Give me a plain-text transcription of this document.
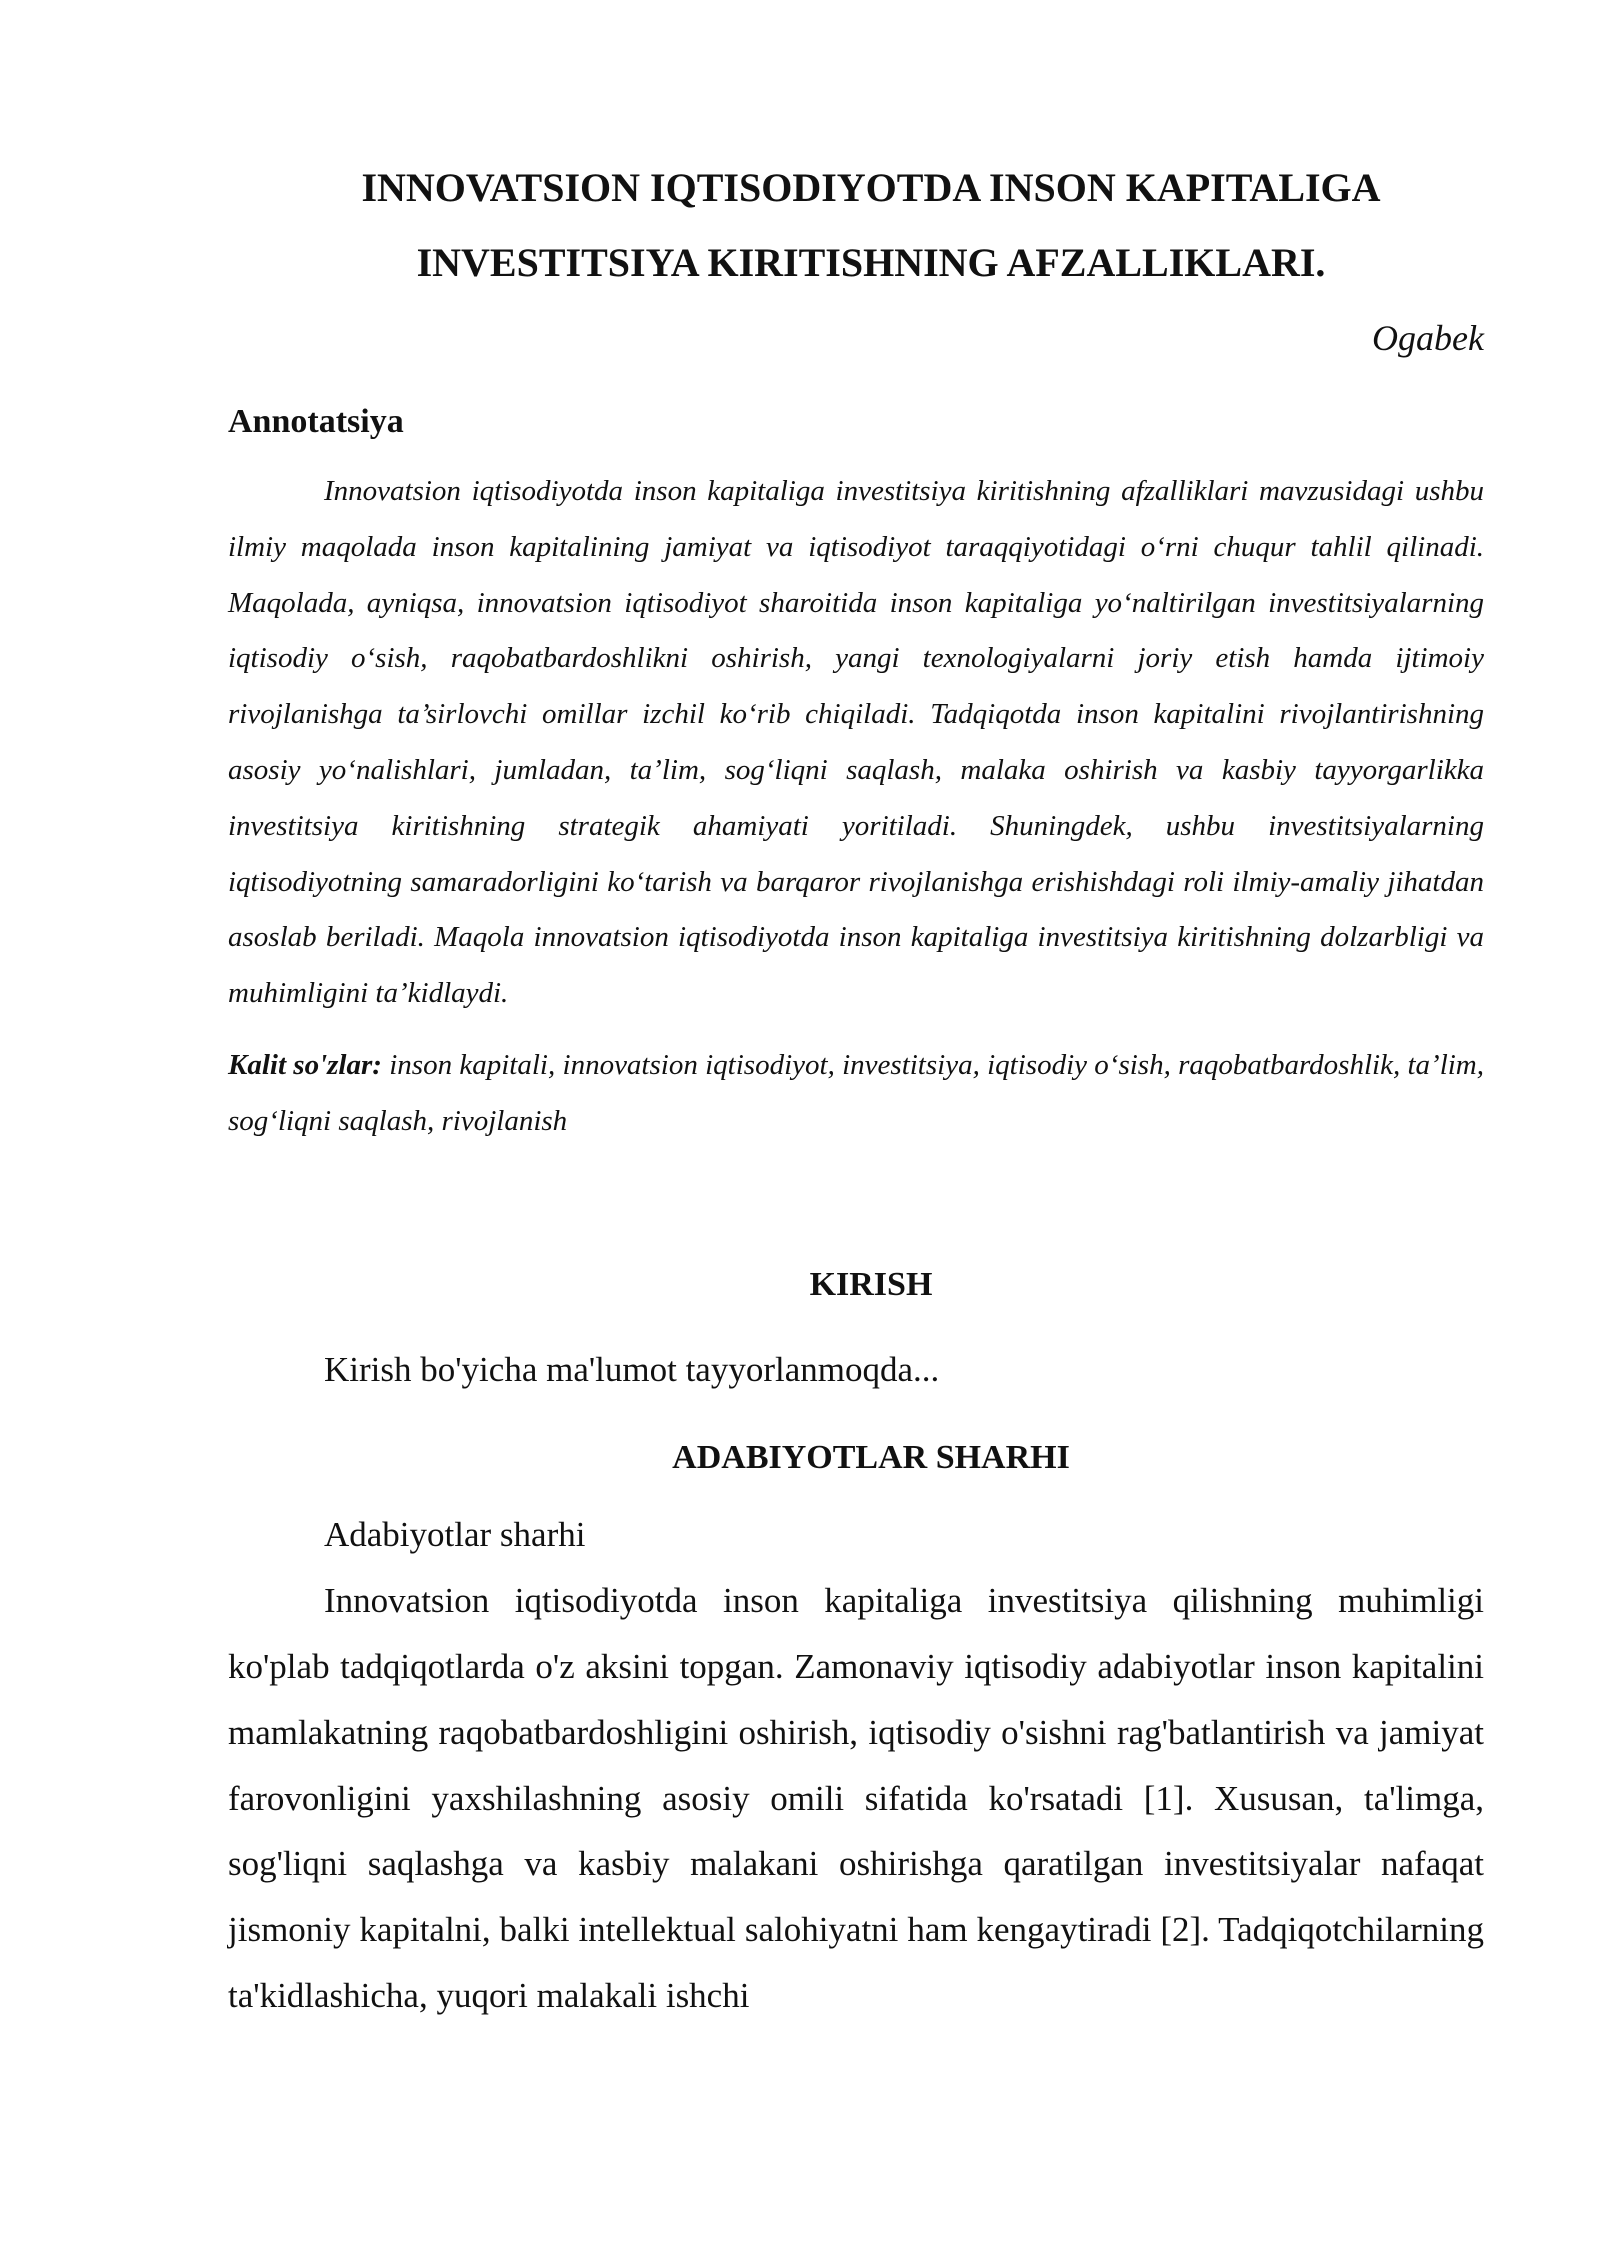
INNOVATSION IQTISODIYOTDA INSON KAPITALIGA
INVESTITSIYA KIRITISHNING AFZALLIKLARI.
Ogabek
Annotatsiya

Innovatsion iqtisodiyotda inson kapitaliga investitsiya kiritishning afzalliklari mavzusidagi ushbu ilmiy maqolada inson kapitalining jamiyat va iqtisodiyot taraqqiyotidagi o‘rni chuqur tahlil qilinadi. Maqolada, ayniqsa, innovatsion iqtisodiyot sharoitida inson kapitaliga yo‘naltirilgan investitsiyalarning iqtisodiy o‘sish, raqobatbardoshlikni oshirish, yangi texnologiyalarni joriy etish hamda ijtimoiy rivojlanishga ta’sirlovchi omillar izchil ko‘rib chiqiladi. Tadqiqotda inson kapitalini rivojlantirishning asosiy yo‘nalishlari, jumladan, ta’lim, sog‘liqni saqlash, malaka oshirish va kasbiy tayyorgarlikka investitsiya kiritishning strategik ahamiyati yoritiladi. Shuningdek, ushbu investitsiyalarning iqtisodiyotning samaradorligini ko‘tarish va barqaror rivojlanishga erishishdagi roli ilmiy-amaliy jihatdan asoslab beriladi. Maqola innovatsion iqtisodiyotda inson kapitaliga investitsiya kiritishning dolzarbligi va muhimligini ta’kidlaydi.

Kalit so'zlar: inson kapitali, innovatsion iqtisodiyot, investitsiya, iqtisodiy o‘sish, raqobatbardoshlik, ta’lim, sog‘liqni saqlash, rivojlanish

KIRISH

Kirish bo'yicha ma'lumot tayyorlanmoqda...

ADABIYOTLAR SHARHI

Adabiyotlar sharhi

Innovatsion iqtisodiyotda inson kapitaliga investitsiya qilishning muhimligi ko'plab tadqiqotlarda o'z aksini topgan. Zamonaviy iqtisodiy adabiyotlar inson kapitalini mamlakatning raqobatbardoshligini oshirish, iqtisodiy o'sishni rag'batlantirish va jamiyat farovonligini yaxshilashning asosiy omili sifatida ko'rsatadi [1]. Xususan, ta'limga, sog'liqni saqlashga va kasbiy malakani oshirishga qaratilgan investitsiyalar nafaqat jismoniy kapitalni, balki intellektual salohiyatni ham kengaytiradi [2]. Tadqiqotchilarning ta'kidlashicha, yuqori malakali ishchi
